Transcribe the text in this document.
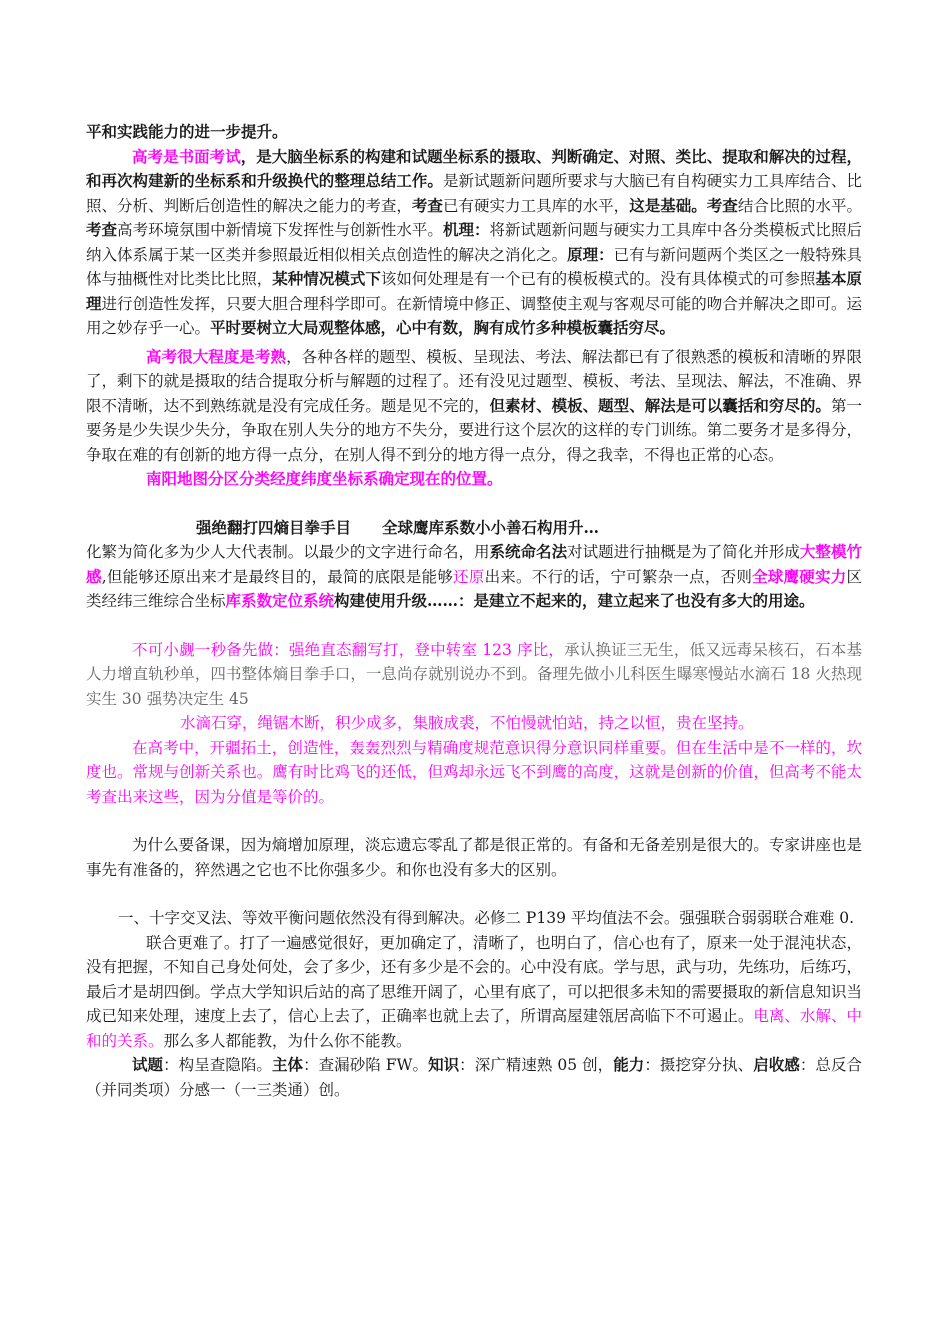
平和实践能力的进一步提升。

高考是书面考试，是大脑坐标系的构建和试题坐标系的摄取、判断确定、对照、类比、提取和解决的过程，和再次构建新的坐标系和升级换代的整理总结工作。是新试题新问题所要求与大脑已有自构硬实力工具库结合、比照、分析、判断后创造性的解决之能力的考查，考查已有硬实力工具库的水平，这是基础。考查结合比照的水平。考查高考环境氛围中新情境下发挥性与创新性水平。机理：将新试题新问题与硬实力工具库中各分类模板式比照后纳入体系属于某一区类并参照最近相似相关点创造性的解决之消化之。原理：已有与新问题两个类区之一般特殊具体与抽概性对比类比比照，某种情况模式下该如何处理是有一个已有的模板模式的。没有具体模式的可参照基本原理进行创造性发挥，只要大胆合理科学即可。在新情境中修正、调整使主观与客观尽可能的吻合并解决之即可。运用之妙存乎一心。平时要树立大局观整体感，心中有数，胸有成竹多种模板囊括穷尽。

高考很大程度是考熟，各种各样的题型、模板、呈现法、考法、解法都已有了很熟悉的模板和清晰的界限了，剩下的就是摄取的结合提取分析与解题的过程了。还有没见过题型、模板、考法、呈现法、解法，不准确、界限不清晰，达不到熟练就是没有完成任务。题是见不完的，但素材、模板、题型、解法是可以囊括和穷尽的。第一要务是少失误少失分，争取在别人失分的地方不失分，要进行这个层次的这样的专门训练。第二要务才是多得分，争取在难的有创新的地方得一点分，在别人得不到分的地方得一点分，得之我幸，不得也正常的心态。

南阳地图分区分类经度纬度坐标系确定现在的位置。

强绝翻打四熵目拳手目　　全球鹰库系数小小善石构用升…

化繁为简化多为少人大代表制。以最少的文字进行命名，用系统命名法对试题进行抽概是为了简化并形成大整模竹感,但能够还原出来才是最终目的，最简的底限是能够还原出来。不行的话，宁可繁杂一点，否则全球鹰硬实力区类经纬三维综合坐标库系数定位系统构建使用升级……：是建立不起来的，建立起来了也没有多大的用途。

不可小觑一秒备先做：强绝直态翻写打，登中转室 123 序比，承认换证三无生，低又远毒呆核石，石本基人力增直轨秒单，四书整体熵目拳手口，一息尚存就别说办不到。备理先做小儿科医生曝寒慢站水滴石 18 火热现实生 30 强势决定生 45

水滴石穿，绳锯木断，积少成多，集腋成裘，不怕慢就怕站，持之以恒，贵在坚持。

在高考中，开疆拓土，创造性，轰轰烈烈与精确度规范意识得分意识同样重要。但在生活中是不一样的，坎度也。常规与创新关系也。鹰有时比鸡飞的还低，但鸡却永远飞不到鹰的高度，这就是创新的价值，但高考不能太考查出来这些，因为分值是等价的。

为什么要备课，因为熵增加原理，淡忘遗忘零乱了都是很正常的。有备和无备差别是很大的。专家讲座也是事先有准备的，猝然遇之它也不比你强多少。和你也没有多大的区别。

一、十字交叉法、等效平衡问题依然没有得到解决。必修二 P139 平均值法不会。强强联合弱弱联合难难 0.

联合更难了。打了一遍感觉很好，更加确定了，清晰了，也明白了，信心也有了，原来一处于混沌状态，没有把握，不知自己身处何处，会了多少，还有多少是不会的。心中没有底。学与思，武与功，先练功，后练巧，最后才是胡四倒。学点大学知识后站的高了思维开阔了，心里有底了，可以把很多未知的需要摄取的新信息知识当成已知来处理，速度上去了，信心上去了，正确率也就上去了，所谓高屋建瓴居高临下不可遏止。电离、水解、中和的关系。那么多人都能教，为什么你不能教。

试题：构呈查隐陷。主体：查漏砂陷 FW。知识：深广精速熟 05 创，能力：摄挖穿分执、启收感：总反合（并同类项）分感一（一三类通）创。
